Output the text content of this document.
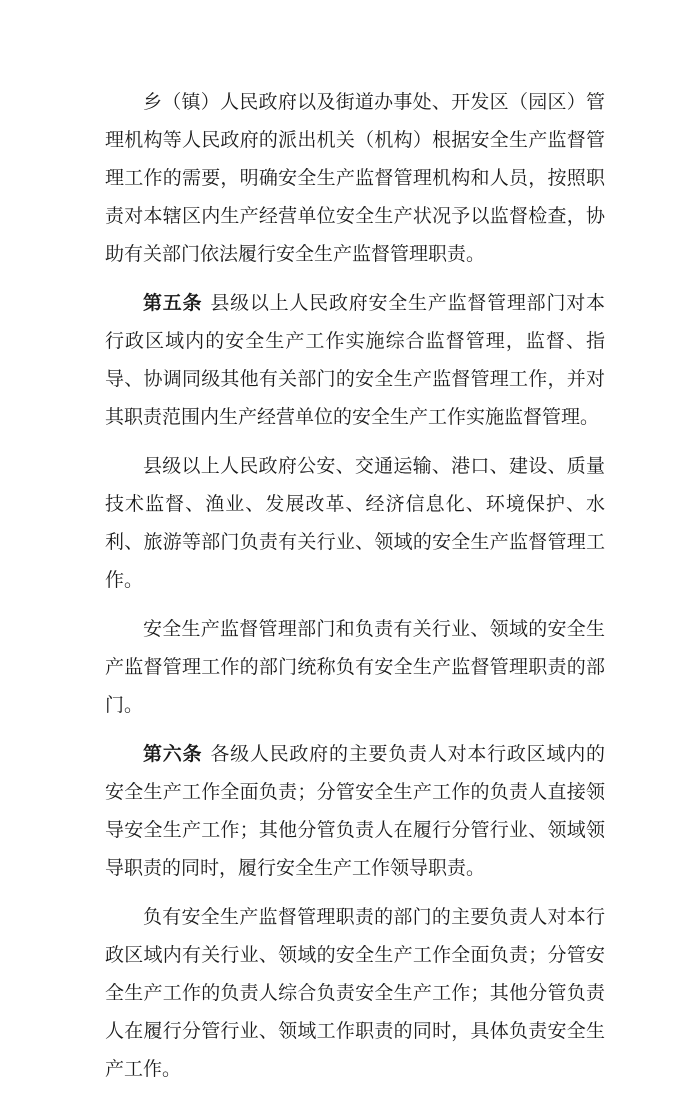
乡（镇）人民政府以及街道办事处、开发区（园区）管理机构等人民政府的派出机关（机构）根据安全生产监督管理工作的需要，明确安全生产监督管理机构和人员，按照职责对本辖区内生产经营单位安全生产状况予以监督检查，协助有关部门依法履行安全生产监督管理职责。

第五条 县级以上人民政府安全生产监督管理部门对本行政区域内的安全生产工作实施综合监督管理，监督、指导、协调同级其他有关部门的安全生产监督管理工作，并对其职责范围内生产经营单位的安全生产工作实施监督管理。

县级以上人民政府公安、交通运输、港口、建设、质量技术监督、渔业、发展改革、经济信息化、环境保护、水利、旅游等部门负责有关行业、领域的安全生产监督管理工作。

安全生产监督管理部门和负责有关行业、领域的安全生产监督管理工作的部门统称负有安全生产监督管理职责的部门。

第六条 各级人民政府的主要负责人对本行政区域内的安全生产工作全面负责；分管安全生产工作的负责人直接领导安全生产工作；其他分管负责人在履行分管行业、领域领导职责的同时，履行安全生产工作领导职责。

负有安全生产监督管理职责的部门的主要负责人对本行政区域内有关行业、领域的安全生产工作全面负责；分管安全生产工作的负责人综合负责安全生产工作；其他分管负责人在履行分管行业、领域工作职责的同时，具体负责安全生产工作。
